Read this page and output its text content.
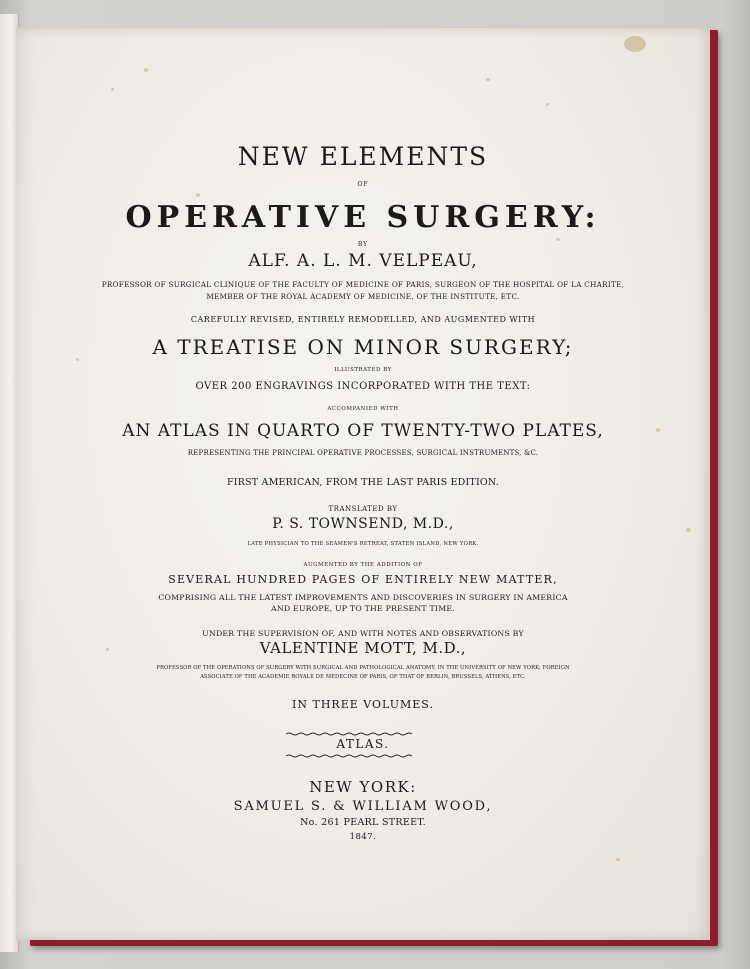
NEW ELEMENTS
OF
OPERATIVE SURGERY:
BY
ALF. A. L. M. VELPEAU,
PROFESSOR OF SURGICAL CLINIQUE OF THE FACULTY OF MEDICINE OF PARIS, SURGEON OF THE HOSPITAL OF LA CHARITE,
MEMBER OF THE ROYAL ACADEMY OF MEDICINE, OF THE INSTITUTE, ETC.
CAREFULLY REVISED, ENTIRELY REMODELLED, AND AUGMENTED WITH
A TREATISE ON MINOR SURGERY;
ILLUSTRATED BY
OVER 200 ENGRAVINGS INCORPORATED WITH THE TEXT:
ACCOMPANIED WITH
AN ATLAS IN QUARTO OF TWENTY-TWO PLATES,
REPRESENTING THE PRINCIPAL OPERATIVE PROCESSES, SURGICAL INSTRUMENTS, &C.
FIRST AMERICAN, FROM THE LAST PARIS EDITION.
TRANSLATED BY
P. S. TOWNSEND, M.D.,
LATE PHYSICIAN TO THE SEAMEN'S RETREAT, STATEN ISLAND, NEW YORK.
AUGMENTED BY THE ADDITION OF
SEVERAL HUNDRED PAGES OF ENTIRELY NEW MATTER,
COMPRISING ALL THE LATEST IMPROVEMENTS AND DISCOVERIES IN SURGERY IN AMERICA
AND EUROPE, UP TO THE PRESENT TIME.
UNDER THE SUPERVISION OF, AND WITH NOTES AND OBSERVATIONS BY
VALENTINE MOTT, M.D.,
PROFESSOR OF THE OPERATIONS OF SURGERY WITH SURGICAL AND PATHOLOGICAL ANATOMY, IN THE UNIVERSITY OF NEW YORK; FOREIGN
ASSOCIATE OF THE ACADEMIE ROYALE DE MEDECINE OF PARIS, OF THAT OF BERLIN, BRUSSELS, ATHENS, ETC.
IN THREE VOLUMES.
ATLAS.
NEW YORK:
SAMUEL S. & WILLIAM WOOD,
No. 261 PEARL STREET.
1847.
